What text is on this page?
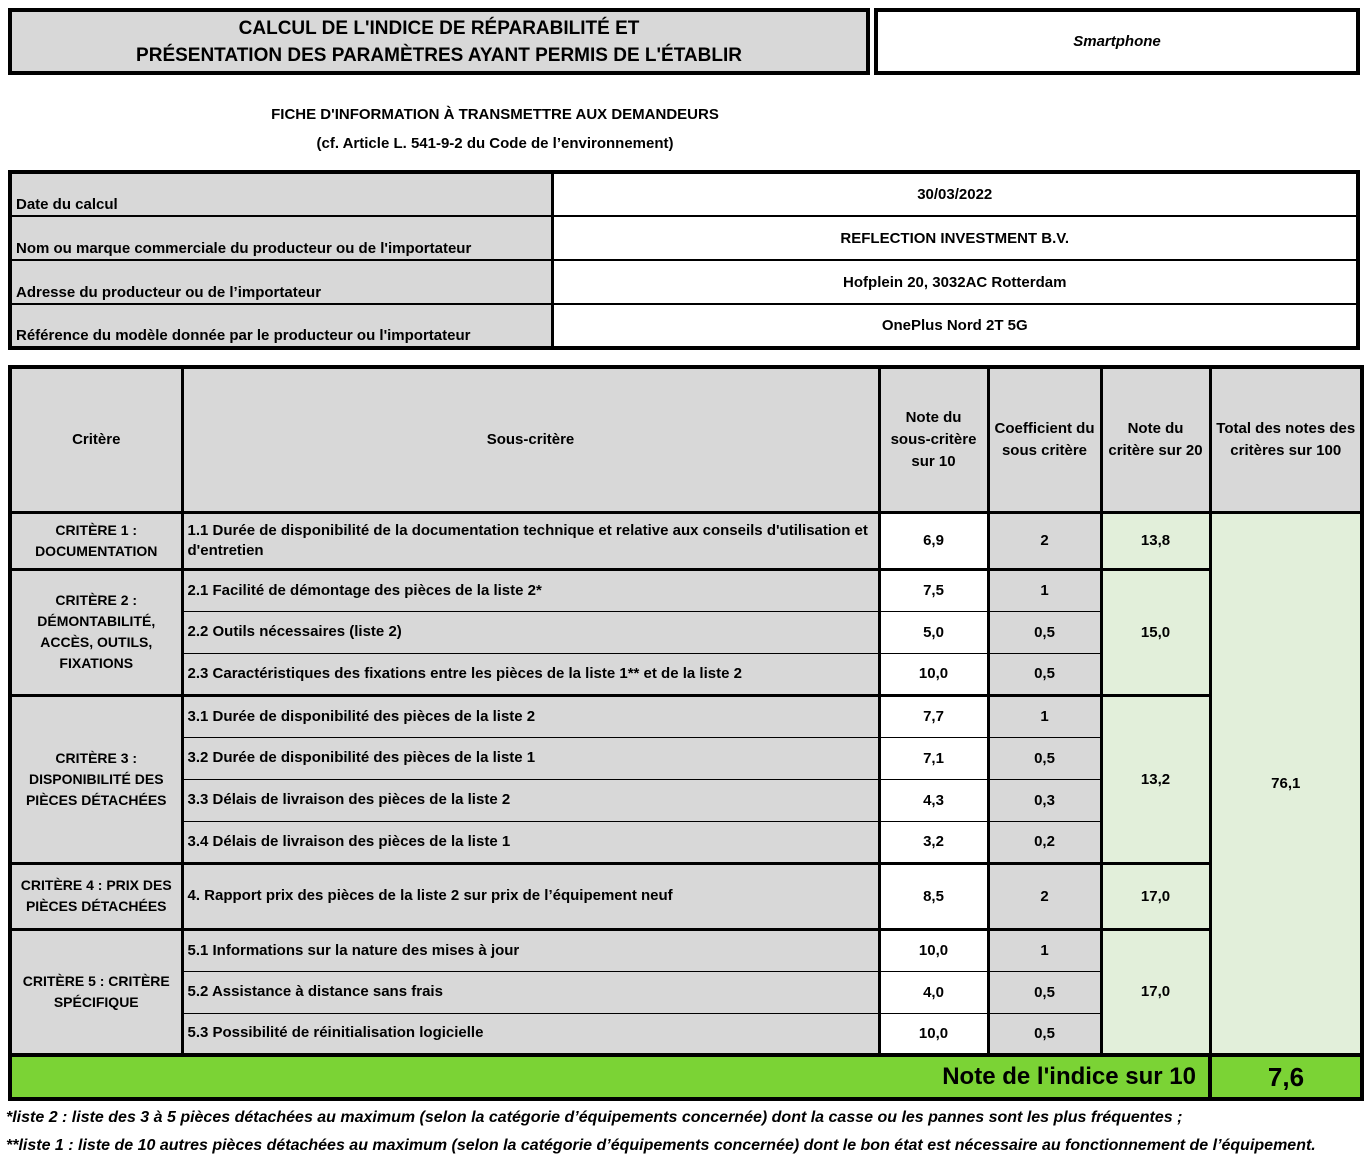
CALCUL DE L'INDICE DE RÉPARABILITÉ ET
PRÉSENTATION DES PARAMÈTRES AYANT PERMIS DE L'ÉTABLIR
Smartphone
FICHE D'INFORMATION À TRANSMETTRE AUX DEMANDEURS
(cf. Article L. 541-9-2 du Code de l’environnement)
Date du calcul	30/03/2022
Nom ou marque commerciale du producteur ou de l'importateur	REFLECTION INVESTMENT B.V.
Adresse du producteur ou de l’importateur	Hofplein 20, 3032AC Rotterdam
Référence du modèle donnée par le producteur ou l'importateur	OnePlus Nord 2T 5G
Critère	Sous-critère	Note du sous-critère sur 10	Coefficient du sous critère	Note du critère sur 20	Total des notes des critères sur 100
CRITÈRE 1 : DOCUMENTATION	1.1 Durée de disponibilité de la documentation technique et relative aux conseils d'utilisation et d'entretien	6,9	2	13,8	76,1
CRITÈRE 2 : DÉMONTABILITÉ, ACCÈS, OUTILS, FIXATIONS	2.1 Facilité de démontage des pièces de la liste 2*	7,5	1	15,0	
	2.2 Outils nécessaires (liste 2)	5,0	0,5		
	2.3 Caractéristiques des fixations entre les pièces de la liste 1** et de la liste 2	10,0	0,5		
CRITÈRE 3 : DISPONIBILITÉ DES PIÈCES DÉTACHÉES	3.1 Durée de disponibilité des pièces de la liste 2	7,7	1	13,2	
	3.2 Durée de disponibilité des pièces de la liste 1	7,1	0,5		
	3.3 Délais de livraison des pièces de la liste 2	4,3	0,3		
	3.4 Délais de livraison des pièces de la liste 1	3,2	0,2		
CRITÈRE 4 : PRIX DES PIÈCES DÉTACHÉES	4. Rapport prix des pièces de la liste 2 sur prix de l’équipement neuf	8,5	2	17,0	
CRITÈRE 5 : CRITÈRE SPÉCIFIQUE	5.1 Informations sur la nature des mises à jour	10,0	1	17,0	
	5.2 Assistance à distance sans frais	4,0	0,5		
	5.3 Possibilité de réinitialisation logicielle	10,0	0,5		
Note de l'indice sur 10					7,6
*liste 2 : liste des 3 à 5 pièces détachées au maximum (selon la catégorie d’équipements concernée) dont la casse ou les pannes sont les plus fréquentes ;
**liste 1 : liste de 10 autres pièces détachées au maximum (selon la catégorie d’équipements concernée) dont le bon état est nécessaire au fonctionnement de l’équipement.
